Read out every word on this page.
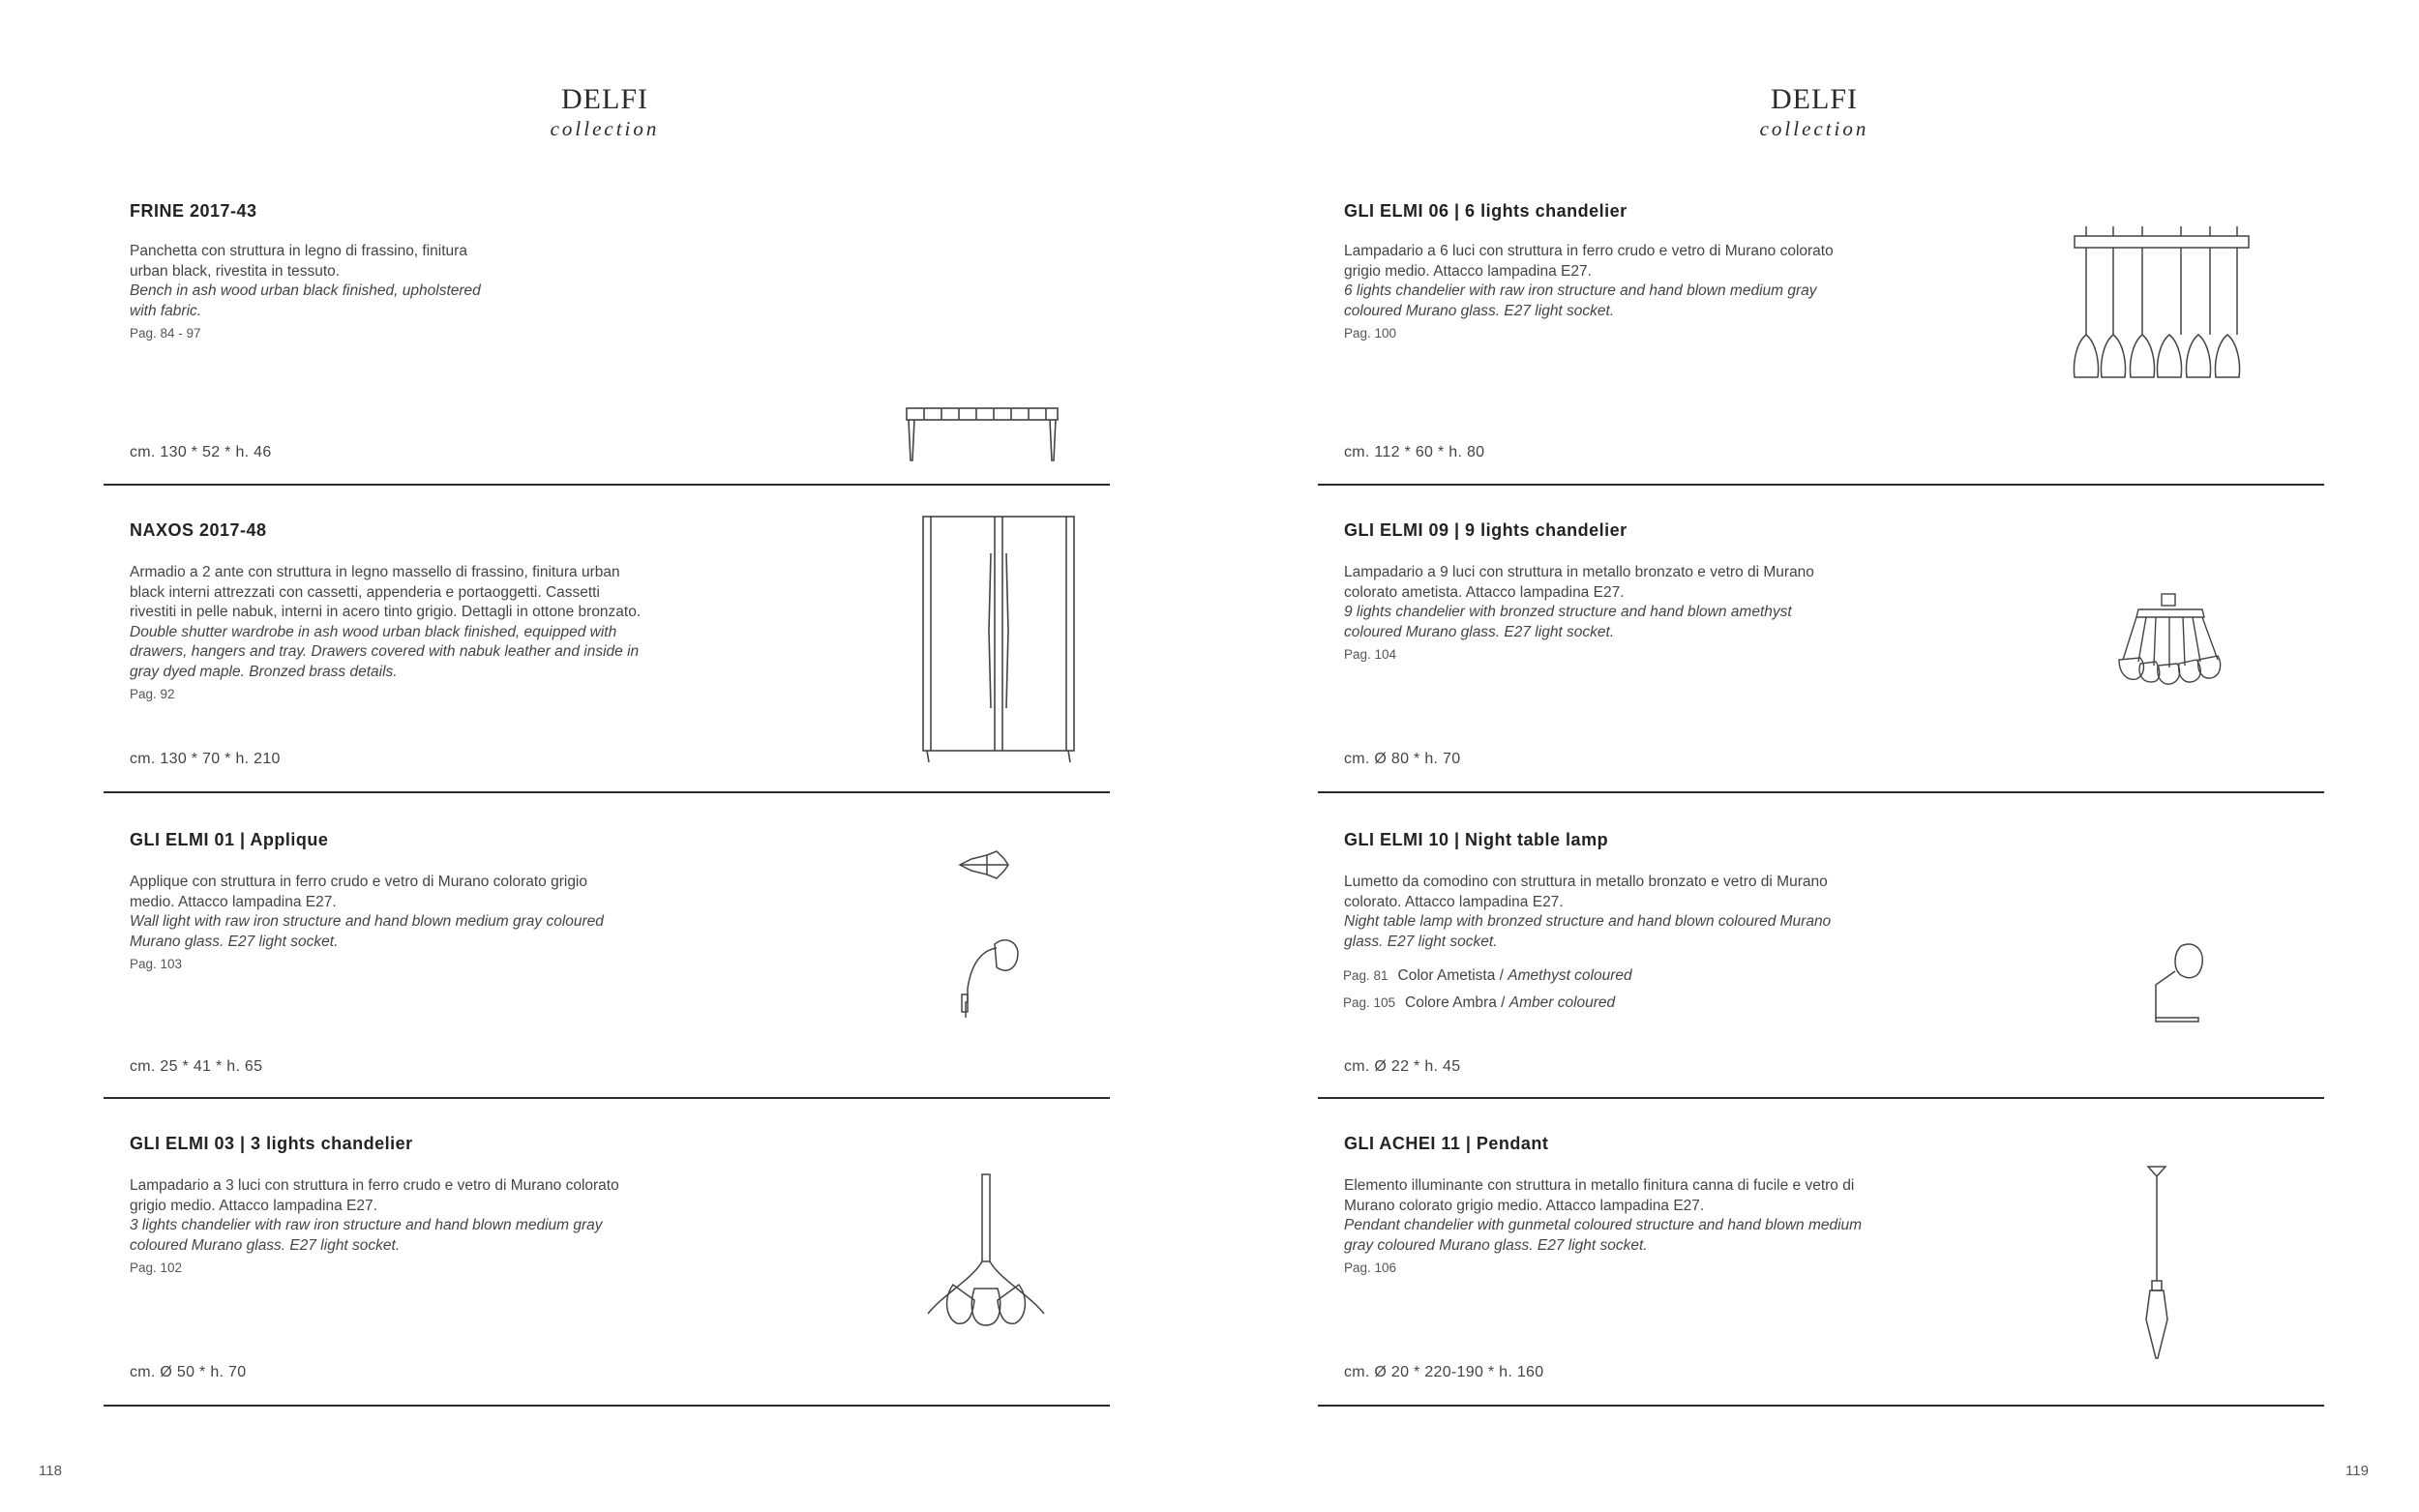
DELFI
collection
FRINE 2017-43
Panchetta con struttura in legno di frassino, finitura urban black, rivestita in tessuto.
Bench in ash wood urban black finished, upholstered with fabric.
Pag. 84 - 97
cm. 130 * 52 * h. 46
NAXOS 2017-48
Armadio a 2 ante con struttura in legno massello di frassino, finitura urban black interni attrezzati con cassetti, appenderia e portaoggetti. Cassetti rivestiti in pelle nabuk, interni in acero tinto grigio. Dettagli in ottone bronzato.
Double shutter wardrobe in ash wood urban black finished, equipped with drawers, hangers and tray. Drawers covered with nabuk leather and inside in gray dyed maple. Bronzed brass details.
Pag. 92
cm. 130 * 70 * h. 210
GLI ELMI 01 | Applique
Applique con struttura in ferro crudo e vetro di Murano colorato grigio medio. Attacco lampadina E27.
Wall light with raw iron structure and hand blown medium gray coloured Murano glass. E27 light socket.
Pag. 103
cm. 25 * 41 * h. 65
GLI ELMI 03 | 3 lights chandelier
Lampadario a 3 luci con struttura in ferro crudo e vetro di Murano colorato grigio medio. Attacco lampadina E27.
3 lights chandelier with raw iron structure and hand blown medium gray coloured Murano glass. E27 light socket.
Pag. 102
cm. Ø 50 * h. 70
118
DELFI
collection
GLI ELMI 06 | 6 lights chandelier
Lampadario a 6 luci con struttura in ferro crudo e vetro di Murano colorato grigio medio. Attacco lampadina E27.
6 lights chandelier with raw iron structure and hand blown medium gray coloured Murano glass. E27 light socket.
Pag. 100
cm. 112 * 60 * h. 80
GLI ELMI 09 | 9 lights chandelier
Lampadario a 9 luci con struttura in metallo bronzato e vetro di Murano colorato ametista. Attacco lampadina E27.
9 lights chandelier with bronzed structure and hand blown amethyst coloured Murano glass. E27 light socket.
Pag. 104
cm. Ø 80 * h. 70
GLI ELMI 10 | Night table lamp
Lumetto da comodino con struttura in metallo bronzato e vetro di Murano colorato. Attacco lampadina E27.
Night table lamp with bronzed structure and hand blown coloured Murano glass. E27 light socket.
Pag. 81 Color Ametista / Amethyst coloured
Pag. 105 Colore Ambra / Amber coloured
cm. Ø 22 * h. 45
GLI ACHEI 11 | Pendant
Elemento illuminante con struttura in metallo finitura canna di fucile e vetro di Murano colorato grigio medio. Attacco lampadina E27.
Pendant chandelier with gunmetal coloured structure and hand blown medium gray coloured Murano glass. E27 light socket.
Pag. 106
cm. Ø 20 * 220-190 * h. 160
119
